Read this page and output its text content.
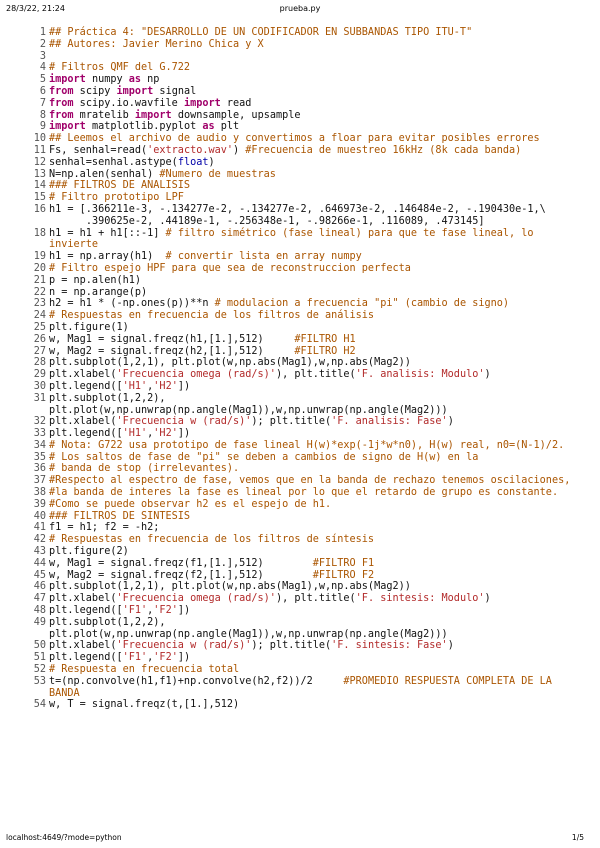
28/3/22, 21:24	prueba.py
1 ## Práctica 4: "DESARROLLO DE UN CODIFICADOR EN SUBBANDAS TIPO ITU-T"
2 ## Autores: Javier Merino Chica y X
3
4 # Filtros QMF del G.722
5 import numpy as np
6 from scipy import signal
7 from scipy.io.wavfile import read
8 from mratelib import downsample, upsample
9 import matplotlib.pyplot as plt
10 ## Leemos el archivo de audio y convertimos a floar para evitar posibles errores
11 Fs, senhal=read('extracto.wav') #Frecuencia de muestreo 16kHz (8k cada banda)
12 senhal=senhal.astype(float)
13 N=np.alen(senhal) #Numero de muestras
14 ### FILTROS DE ANALISIS
15 # Filtro prototipo LPF
16 h1 = [.366211e-3, -.134277e-2, -.134277e-2, .646973e-2, .146484e-2, -.190430e-1,\
.390625e-2, .44189e-1, -.256348e-1, -.98266e-1, .116089, .473145]
18 h1 = h1 + h1[::-1] # filtro simétrico (fase lineal) para que te fase lineal, lo invierte
19 h1 = np.array(h1)  # convertir lista en array numpy
20 # Filtro espejo HPF para que sea de reconstruccion perfecta
21 p = np.alen(h1)
22 n = np.arange(p)
23 h2 = h1 * (-np.ones(p))**n # modulacion a frecuencia "pi" (cambio de signo)
24 # Respuestas en frecuencia de los filtros de análisis
25 plt.figure(1)
26 w, Mag1 = signal.freqz(h1,[1.],512)     #FILTRO H1
27 w, Mag2 = signal.freqz(h2,[1.],512)     #FILTRO H2
28 plt.subplot(1,2,1), plt.plot(w,np.abs(Mag1),w,np.abs(Mag2))
29 plt.xlabel('Frecuencia omega (rad/s)'), plt.title('F. analisis: Modulo')
30 plt.legend(['H1','H2'])
31 plt.subplot(1,2,2),
plt.plot(w,np.unwrap(np.angle(Mag1)),w,np.unwrap(np.angle(Mag2)))
32 plt.xlabel('Frecuencia w (rad/s)'); plt.title('F. analisis: Fase')
33 plt.legend(['H1','H2'])
34 # Nota: G722 usa prototipo de fase lineal H(w)*exp(-1j*w*n0), H(w) real, n0=(N-1)/2.
35 # Los saltos de fase de "pi" se deben a cambios de signo de H(w) en la
36 # banda de stop (irrelevantes).
37 #Respecto al espectro de fase, vemos que en la banda de rechazo tenemos oscilaciones,
38 #la banda de interes la fase es lineal por lo que el retardo de grupo es constante.
39 #Como se puede observar h2 es el espejo de h1.
40 ### FILTROS DE SINTESIS
41 f1 = h1; f2 = -h2;
42 # Respuestas en frecuencia de los filtros de síntesis
43 plt.figure(2)
44 w, Mag1 = signal.freqz(f1,[1.],512)        #FILTRO F1
45 w, Mag2 = signal.freqz(f2,[1.],512)        #FILTRO F2
46 plt.subplot(1,2,1), plt.plot(w,np.abs(Mag1),w,np.abs(Mag2))
47 plt.xlabel('Frecuencia omega (rad/s)'), plt.title('F. sintesis: Modulo')
48 plt.legend(['F1','F2'])
49 plt.subplot(1,2,2),
plt.plot(w,np.unwrap(np.angle(Mag1)),w,np.unwrap(np.angle(Mag2)))
50 plt.xlabel('Frecuencia w (rad/s)'); plt.title('F. sintesis: Fase')
51 plt.legend(['F1','F2'])
52 # Respuesta en frecuencia total
53 t=(np.convolve(h1,f1)+np.convolve(h2,f2))/2     #PROMEDIO RESPUESTA COMPLETA DE LA BANDA
54 w, T = signal.freqz(t,[1.],512)
localhost:4649/?mode=python	1/5
